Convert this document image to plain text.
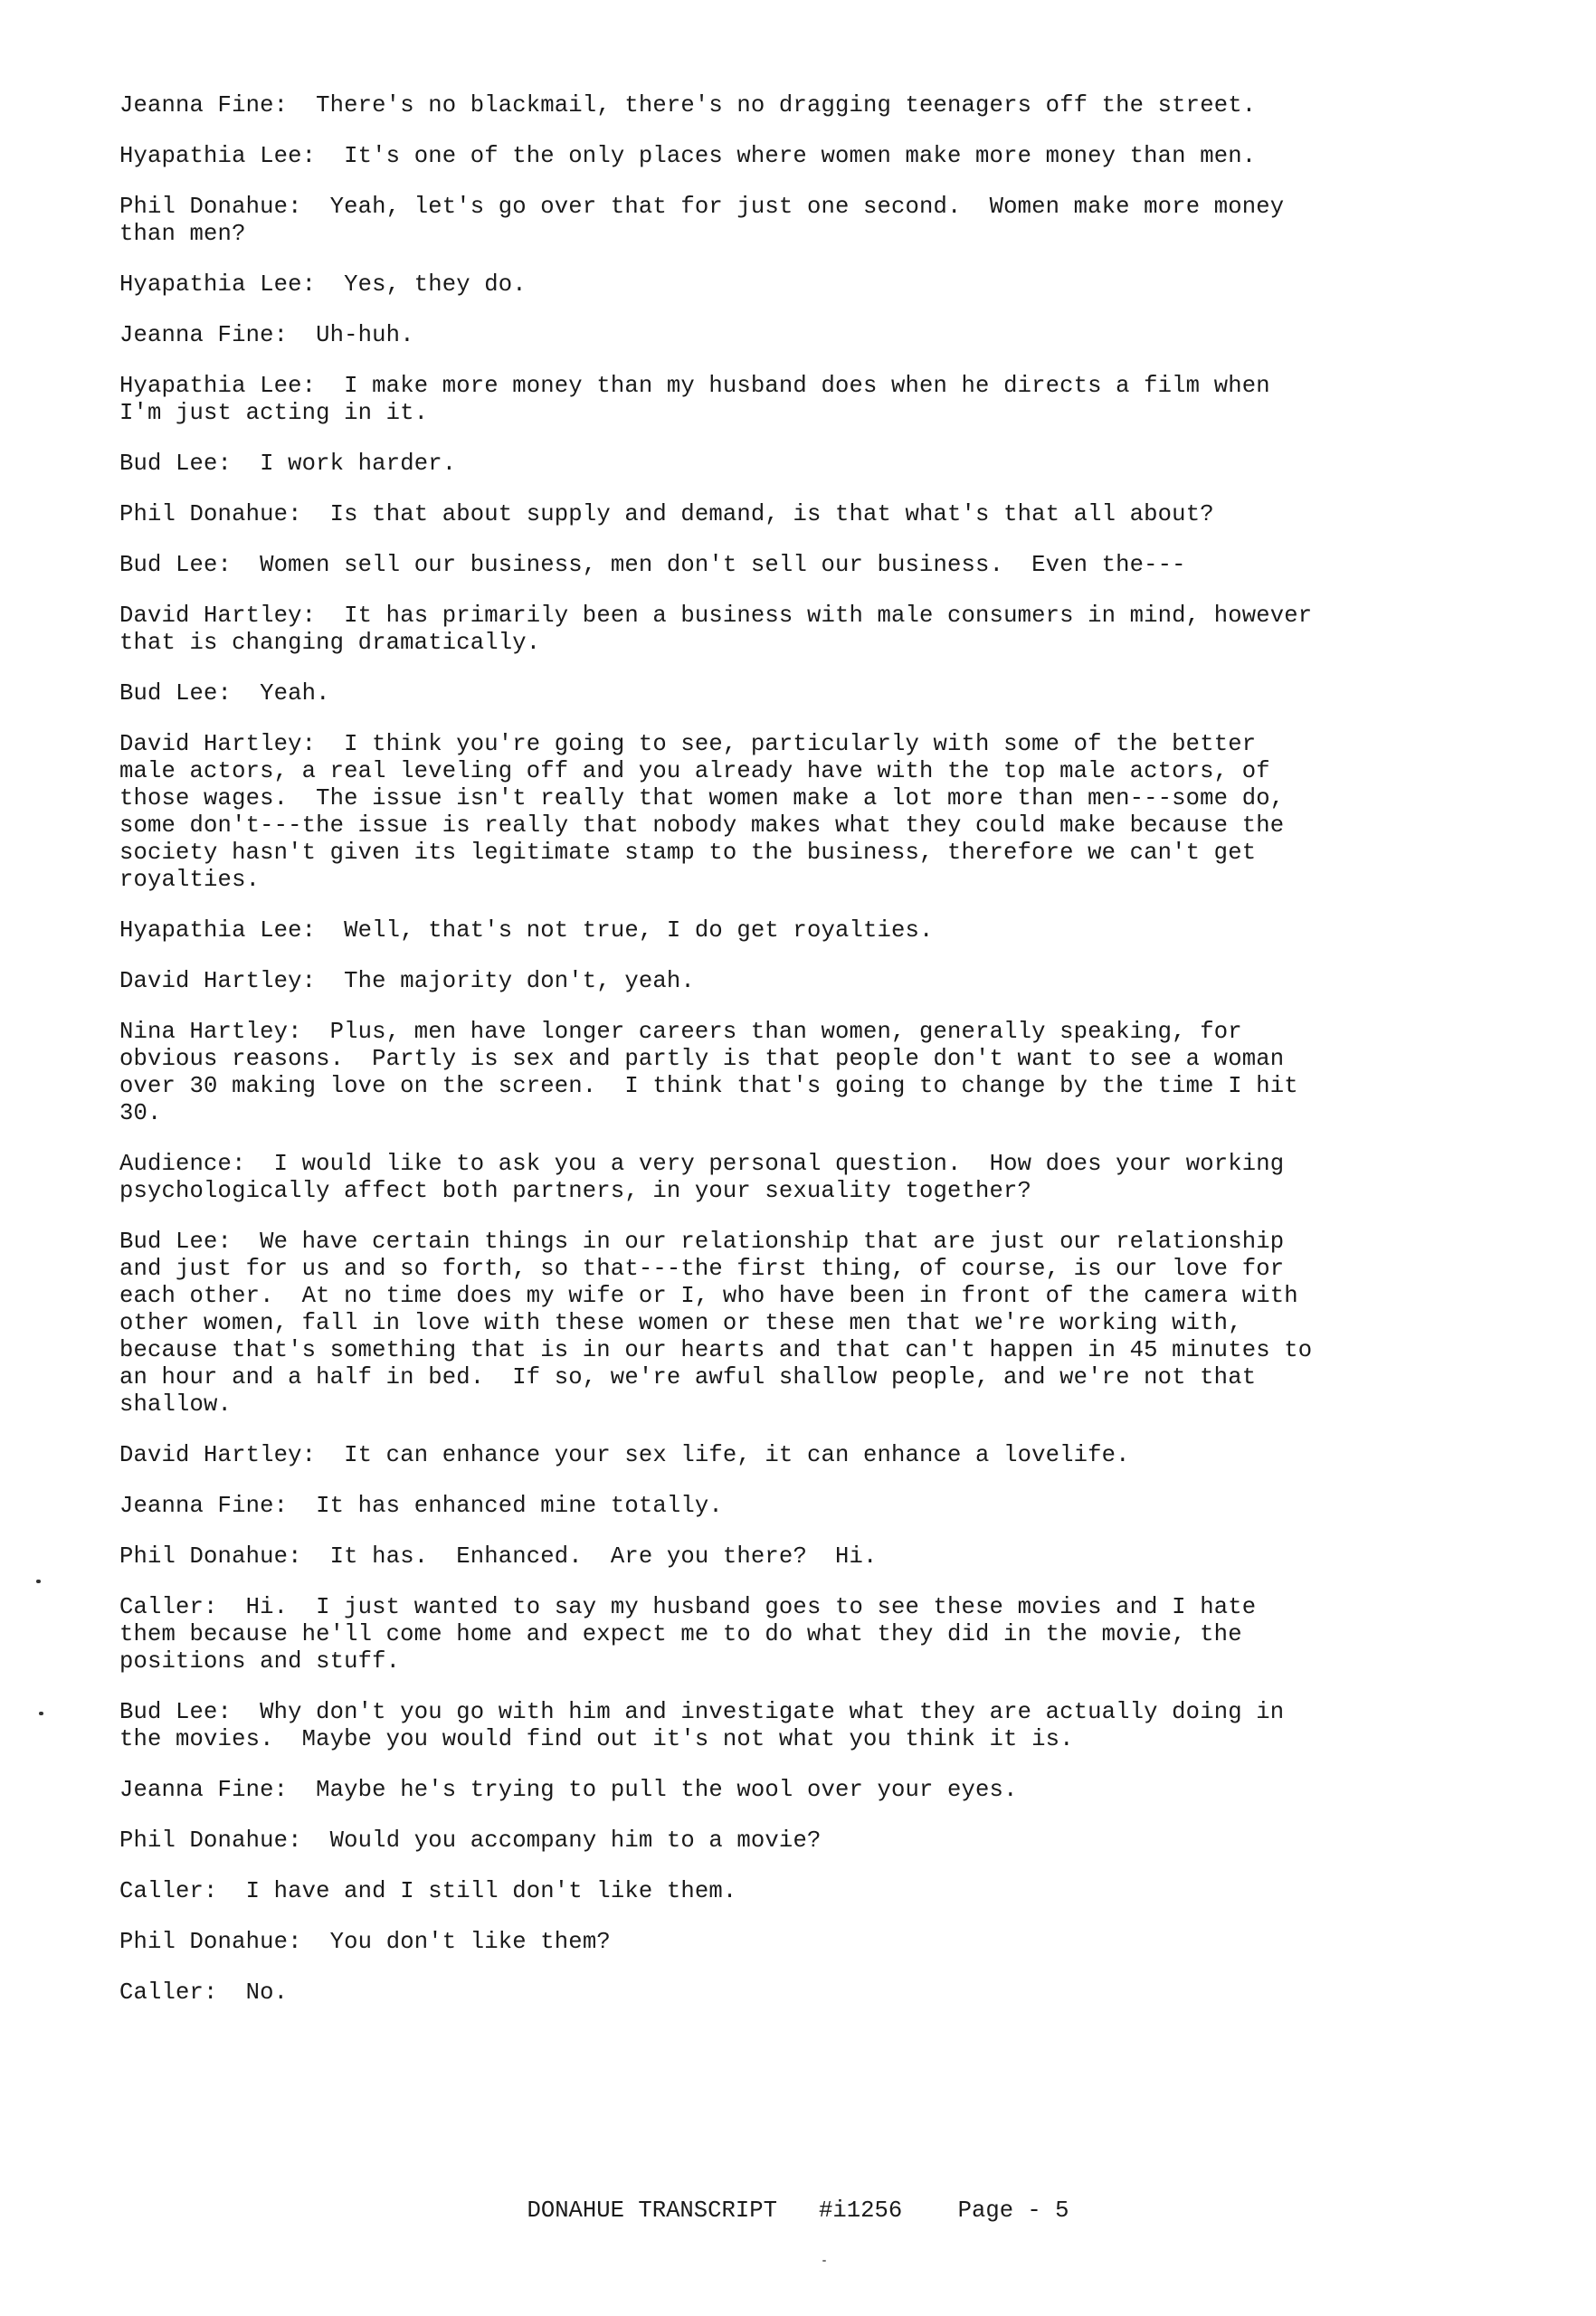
Jeanna Fine: There's no blackmail, there's no dragging teenagers off the street.

Hyapathia Lee: It's one of the only places where women make more money than men.

Phil Donahue: Yeah, let's go over that for just one second.  Women make more money
than men?

Hyapathia Lee: Yes, they do.

Jeanna Fine: Uh-huh.

Hyapathia Lee: I make more money than my husband does when he directs a film when
I'm just acting in it.

Bud Lee: I work harder.

Phil Donahue: Is that about supply and demand, is that what's that all about?

Bud Lee: Women sell our business, men don't sell our business.  Even the---

David Hartley: It has primarily been a business with male consumers in mind, however
that is changing dramatically.

Bud Lee: Yeah.

David Hartley: I think you're going to see, particularly with some of the better
male actors, a real leveling off and you already have with the top male actors, of
those wages.  The issue isn't really that women make a lot more than men---some do,
some don't---the issue is really that nobody makes what they could make because the
society hasn't given its legitimate stamp to the business, therefore we can't get
royalties.

Hyapathia Lee: Well, that's not true, I do get royalties.

David Hartley: The majority don't, yeah.

Nina Hartley: Plus, men have longer careers than women, generally speaking, for
obvious reasons.  Partly is sex and partly is that people don't want to see a woman
over 30 making love on the screen.  I think that's going to change by the time I hit
30.

Audience: I would like to ask you a very personal question.  How does your working
psychologically affect both partners, in your sexuality together?

Bud Lee: We have certain things in our relationship that are just our relationship
and just for us and so forth, so that---the first thing, of course, is our love for
each other.  At no time does my wife or I, who have been in front of the camera with
other women, fall in love with these women or these men that we're working with,
because that's something that is in our hearts and that can't happen in 45 minutes to
an hour and a half in bed.  If so, we're awful shallow people, and we're not that
shallow.

David Hartley: It can enhance your sex life, it can enhance a lovelife.

Jeanna Fine: It has enhanced mine totally.

Phil Donahue: It has.  Enhanced.  Are you there?  Hi.

Caller: Hi.  I just wanted to say my husband goes to see these movies and I hate
them because he'll come home and expect me to do what they did in the movie, the
positions and stuff.

Bud Lee: Why don't you go with him and investigate what they are actually doing in
the movies.  Maybe you would find out it's not what you think it is.

Jeanna Fine: Maybe he's trying to pull the wool over your eyes.

Phil Donahue: Would you accompany him to a movie?

Caller: I have and I still don't like them.

Phil Donahue: You don't like them?

Caller: No.

DONAHUE TRANSCRIPT #i1256 Page - 5
